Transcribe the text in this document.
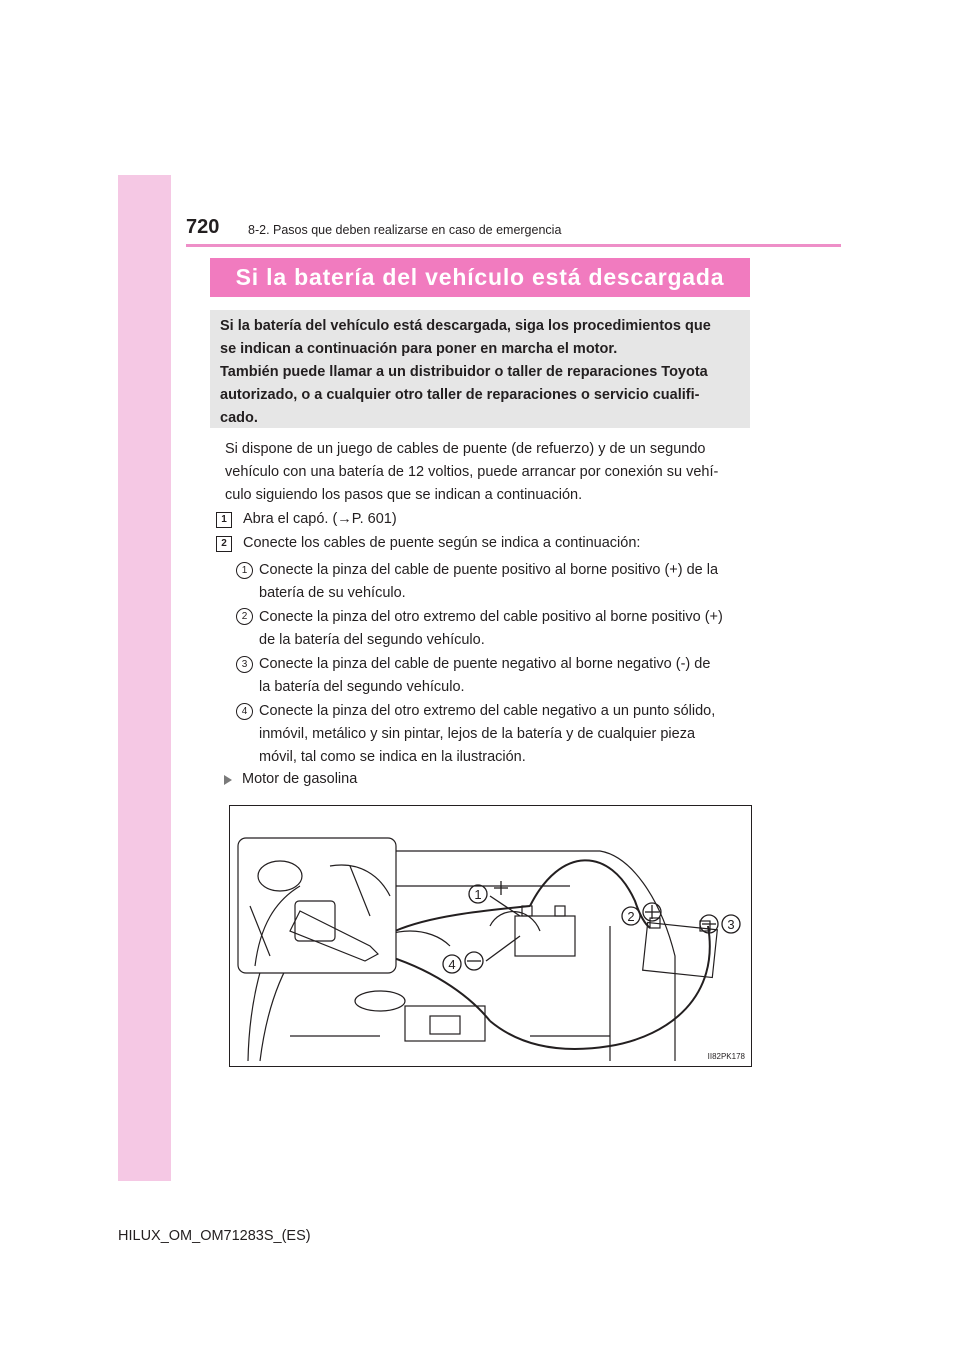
720 8-2. Pasos que deben realizarse en caso de emergencia
Si la batería del vehículo está descargada

Si la batería del vehículo está descargada, siga los procedimientos que

se indican a continuación para poner en marcha el motor.

También puede llamar a un distribuidor o taller de reparaciones Toyota

autorizado, o a cualquier otro taller de reparaciones o servicio cualifi-

cado.

Si dispone de un juego de cables de puente (de refuerzo) y de un segundo

vehículo con una batería de 12 voltios, puede arrancar por conexión su vehí-

culo siguiendo los pasos que se indican a continuación.

1	Abra el capó. (→P. 601)
2	Conecte los cables de puente según se indica a continuación:
1 Conecte la pinza del cable de puente positivo al borne positivo (+) de la

batería de su vehículo.

2 Conecte la pinza del otro extremo del cable positivo al borne positivo (+)

de la batería del segundo vehículo.

3 Conecte la pinza del cable de puente negativo al borne negativo (-) de

la batería del segundo vehículo.

4 Conecte la pinza del otro extremo del cable negativo a un punto sólido,

inmóvil, metálico y sin pintar, lejos de la batería y de cualquier pieza

móvil, tal como se indica en la ilustración.

Motor de gasolina
1
2
3
4
II82PK178
HILUX_OM_OM71283S_(ES)
